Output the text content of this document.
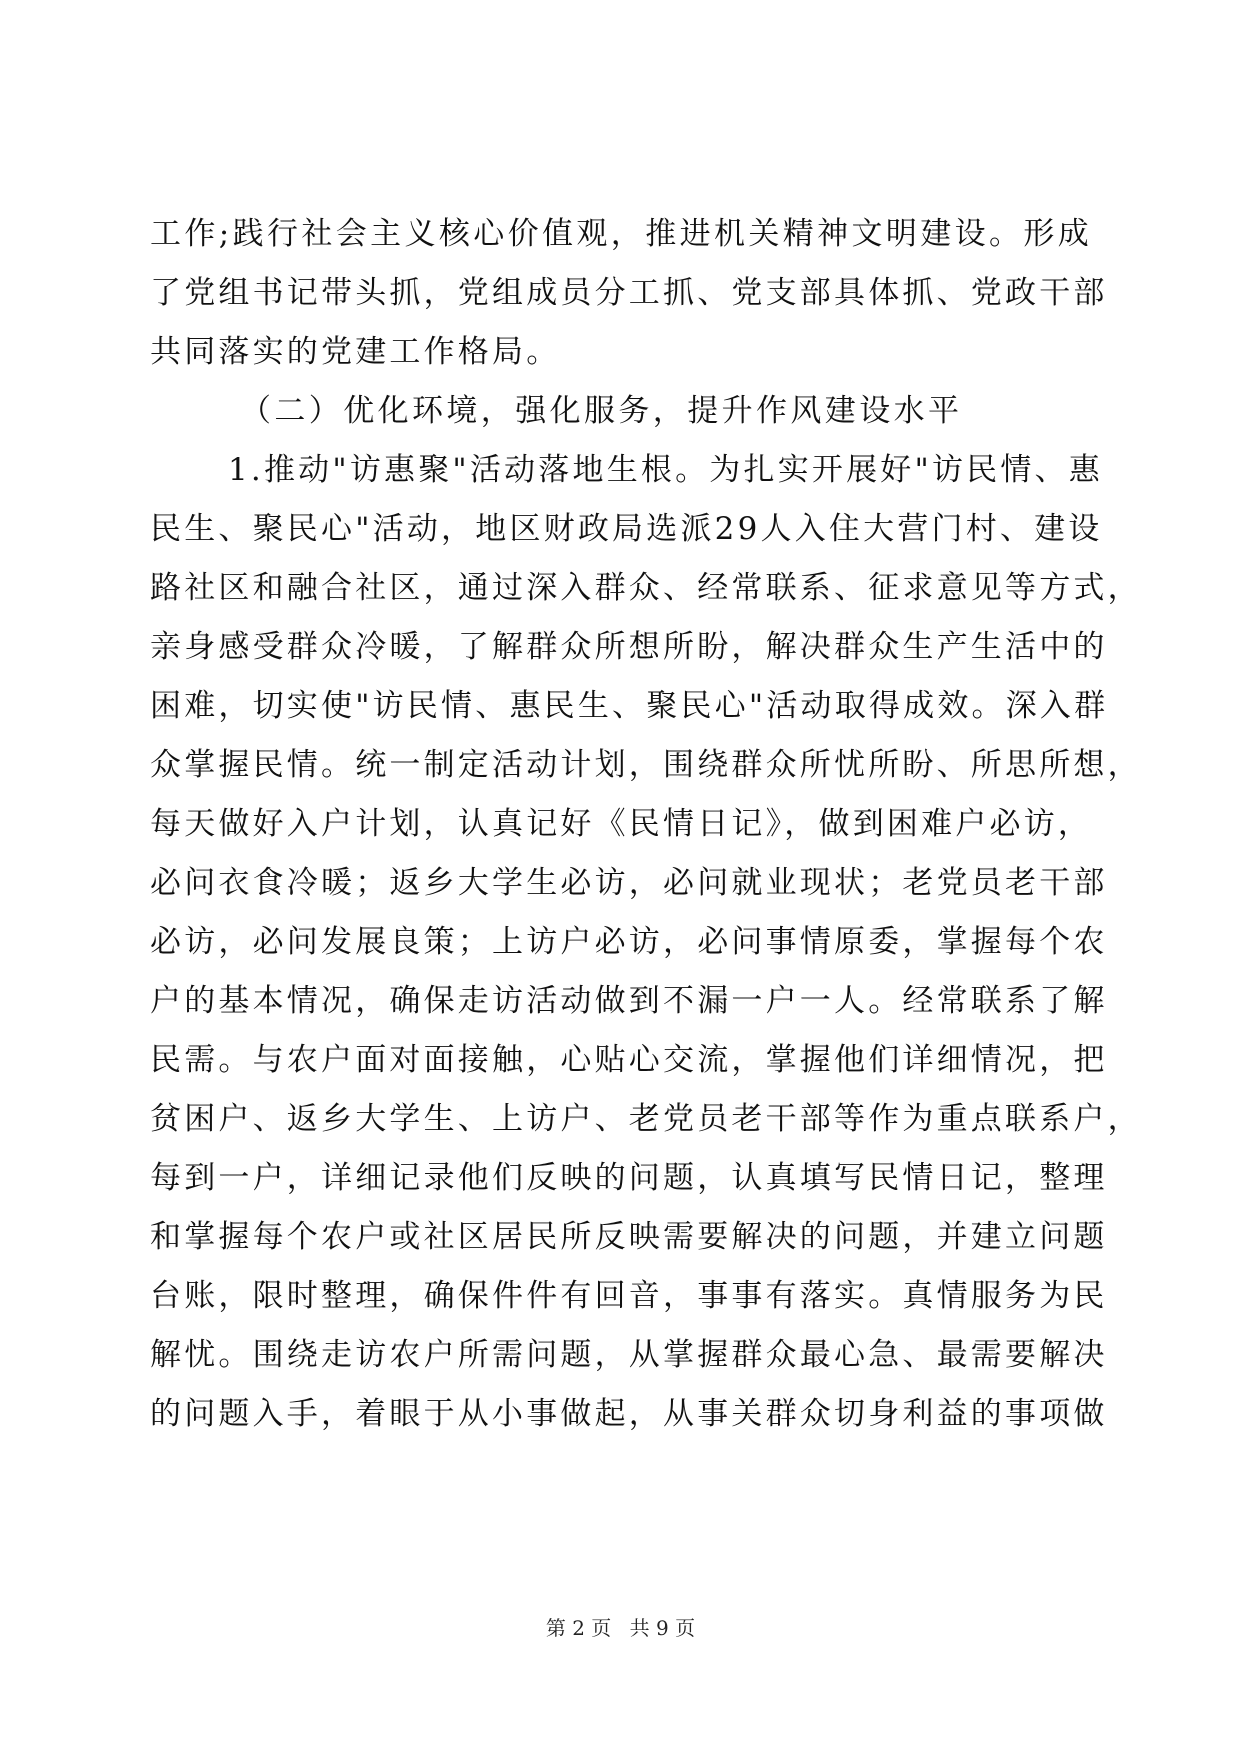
工作;践行社会主义核心价值观，推进机关精神文明建设。形成
了党组书记带头抓，党组成员分工抓、党支部具体抓、党政干部
共同落实的党建工作格局。
（二）优化环境，强化服务，提升作风建设水平
1.推动"访惠聚"活动落地生根。为扎实开展好"访民情、惠
民生、聚民心"活动，地区财政局选派29人入住大营门村、建设
路社区和融合社区，通过深入群众、经常联系、征求意见等方式，
亲身感受群众冷暖，了解群众所想所盼，解决群众生产生活中的
困难，切实使"访民情、惠民生、聚民心"活动取得成效。深入群
众掌握民情。统一制定活动计划，围绕群众所忧所盼、所思所想，
每天做好入户计划，认真记好《民情日记》，做到困难户必访，
必问衣食冷暖；返乡大学生必访，必问就业现状；老党员老干部
必访，必问发展良策；上访户必访，必问事情原委，掌握每个农
户的基本情况，确保走访活动做到不漏一户一人。经常联系了解
民需。与农户面对面接触，心贴心交流，掌握他们详细情况，把
贫困户、返乡大学生、上访户、老党员老干部等作为重点联系户，
每到一户，详细记录他们反映的问题，认真填写民情日记，整理
和掌握每个农户或社区居民所反映需要解决的问题，并建立问题
台账，限时整理，确保件件有回音，事事有落实。真情服务为民
解忧。围绕走访农户所需问题，从掌握群众最心急、最需要解决
的问题入手，着眼于从小事做起，从事关群众切身利益的事项做
第 2 页 共 9 页
